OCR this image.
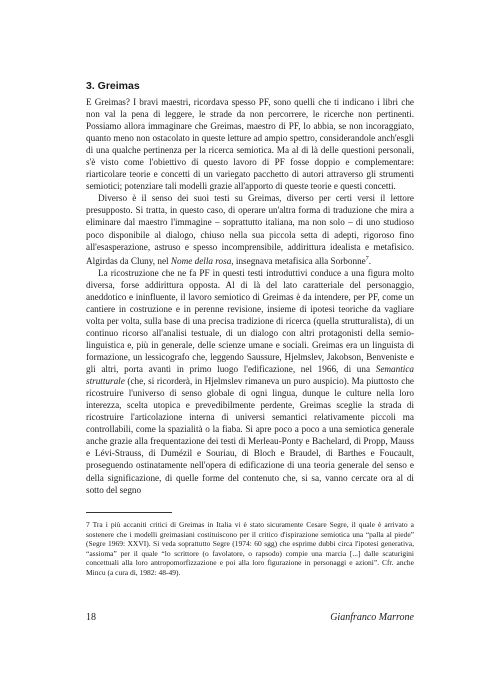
3. Greimas

E Greimas? I bravi maestri, ricordava spesso PF, sono quelli che ti indicano i libri che non val la pena di leggere, le strade da non percorrere, le ricerche non pertinenti. Possiamo allora immaginare che Greimas, maestro di PF, lo abbia, se non incoraggiato, quanto meno non ostacolato in queste letture ad ampio spettro, considerandole anch'esgli di una qualche pertinenza per la ricerca semiotica. Ma al di là delle questioni personali, s'è visto come l'obiettivo di questo lavoro di PF fosse doppio e complementare: riarticolare teorie e concetti di un variegato pacchetto di autori attraverso gli strumenti semiotici; potenziare tali modelli grazie all'apporto di queste teorie e questi concetti.

Diverso è il senso dei suoi testi su Greimas, diverso per certi versi il lettore presupposto. Si tratta, in questo caso, di operare un'altra forma di traduzione che mira a eliminare dal maestro l'immagine – soprattutto italiana, ma non solo – di uno studioso poco disponibile al dialogo, chiuso nella sua piccola setta di adepti, rigoroso fino all'esasperazione, astruso e spesso incomprensibile, addirittura idealista e metafisico. Algirdas da Cluny, nel Nome della rosa, insegnava metafisica alla Sorbonne$^7$.

La ricostruzione che ne fa PF in questi testi introduttivi conduce a una figura molto diversa, forse addirittura opposta. Al di là del lato caratteriale del personaggio, aneddotico e ininfluente, il lavoro semiotico di Greimas è da intendere, per PF, come un cantiere in costruzione e in perenne revisione, insieme di ipotesi teoriche da vagliare volta per volta, sulla base di una precisa tradizione di ricerca (quella strutturalista), di un continuo ricorso all'analisi testuale, di un dialogo con altri protagonisti della semio-linguistica e, più in generale, delle scienze umane e sociali. Greimas era un linguista di formazione, un lessicografo che, leggendo Saussure, Hjelmslev, Jakobson, Benveniste e gli altri, porta avanti in primo luogo l'edificazione, nel 1966, di una Semantica strutturale (che, si ricorderà, in Hjelmslev rimaneva un puro auspicio). Ma piuttosto che ricostruire l'universo di senso globale di ogni lingua, dunque le culture nella loro interezza, scelta utopica e prevedibilmente perdente, Greimas sceglie la strada di ricostruire l'articolazione interna di universi semantici relativamente piccoli ma controllabili, come la spazialità o la fiaba. Si apre poco a poco a una semiotica generale anche grazie alla frequentazione dei testi di Merleau-Ponty e Bachelard, di Propp, Mauss e Lévi-Strauss, di Dumézil e Souriau, di Bloch e Braudel, di Barthes e Foucault, proseguendo ostinatamente nell'opera di edificazione di una teoria generale del senso e della significazione, di quelle forme del contenuto che, si sa, vanno cercate ora al di sotto del segno

7 Tra i più accaniti critici di Greimas in Italia vi è stato sicuramente Cesare Segre, il quale è arrivato a sostenere che i modelli greimasiani costituiscono per il critico d'ispirazione semiotica una “palla al piede” (Segre 1969: XXVI). Si veda soprattutto Segre (1974: 60 sgg) che esprime dubbi circa l'ipotesi generativa, “assioma” per il quale “lo scrittore (o favolatore, o rapsodo) compie una marcia [...] dalle scaturigini concettuali alla loro antropomorfizzazione e poi alla loro figurazione in personaggi e azioni”. Cfr. anche Mincu (a cura di, 1982: 48-49).
18	Gianfranco Marrone
